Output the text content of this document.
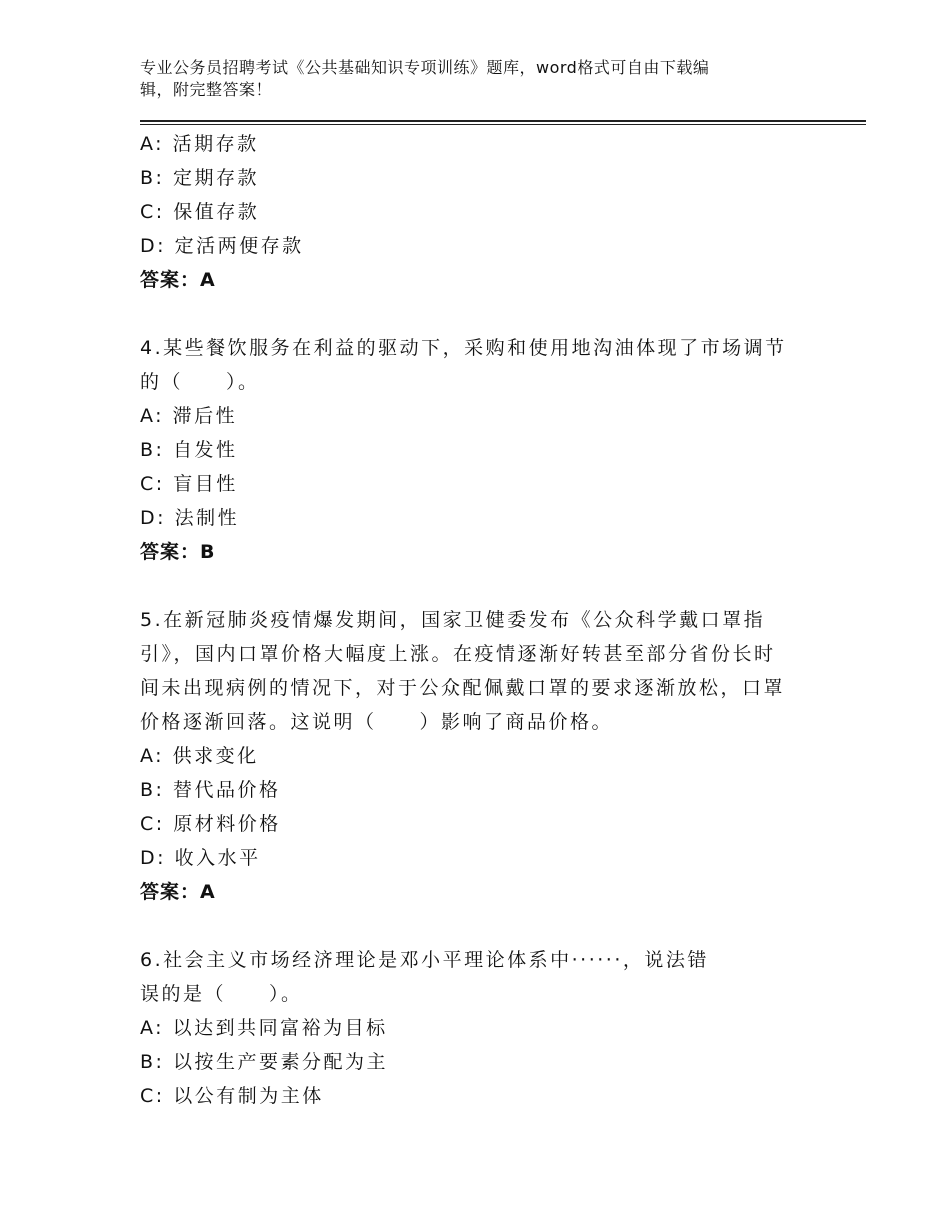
专业公务员招聘考试《公共基础知识专项训练》题库，word格式可自由下载编
辑，附完整答案！
A: 活期存款
B: 定期存款
C: 保值存款
D: 定活两便存款
答案：A
4.某些餐饮服务在利益的驱动下，采购和使用地沟油体现了市场调节
的（　　）。
A: 滞后性
B: 自发性
C: 盲目性
D: 法制性
答案：B
5.在新冠肺炎疫情爆发期间，国家卫健委发布《公众科学戴口罩指
引》，国内口罩价格大幅度上涨。在疫情逐渐好转甚至部分省份长时
间未出现病例的情况下，对于公众配佩戴口罩的要求逐渐放松，口罩
价格逐渐回落。这说明（　　）影响了商品价格。
A: 供求变化
B: 替代品价格
C: 原材料价格
D: 收入水平
答案：A
6.社会主义市场经济理论是邓小平理论体系中······，说法错
误的是（　　）。
A: 以达到共同富裕为目标
B: 以按生产要素分配为主
C: 以公有制为主体
